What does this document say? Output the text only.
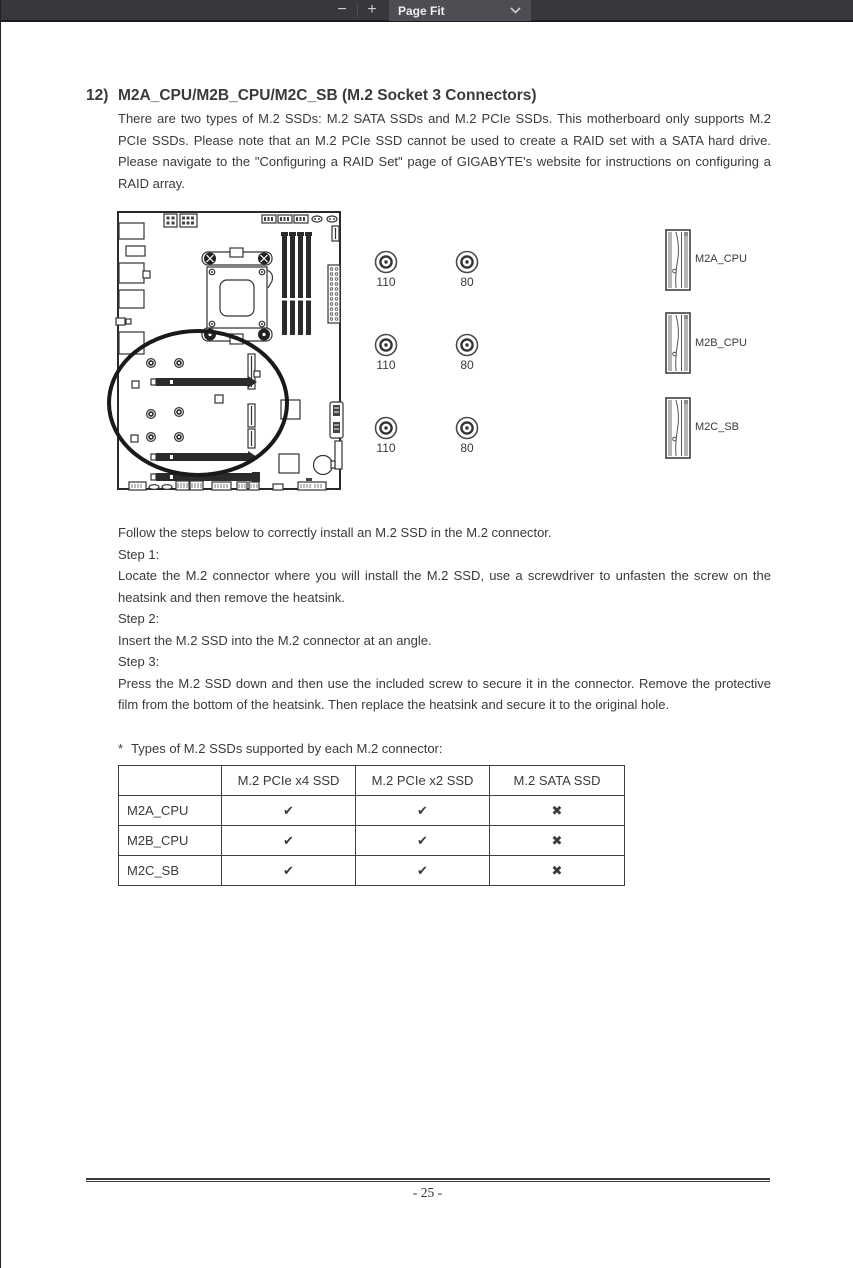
−	+	Page Fit
12) M2A_CPU/M2B_CPU/M2C_SB (M.2 Socket 3 Connectors)
There are two types of M.2 SSDs: M.2 SATA SSDs and M.2 PCIe SSDs. This motherboard only supports M.2 PCIe SSDs. Please note that an M.2 PCIe SSD cannot be used to create a RAID set with a SATA hard drive. Please navigate to the "Configuring a RAID Set" page of GIGABYTE's website for instructions on configuring a RAID array.
110	80
110	80
110	80
M2A_CPU
M2B_CPU
M2C_SB

Follow the steps below to correctly install an M.2 SSD in the M.2 connector.

Step 1:

Locate the M.2 connector where you will install the M.2 SSD, use a screwdriver to unfasten the screw on the heatsink and then remove the heatsink.

Step 2:

Insert the M.2 SSD into the M.2 connector at an angle.

Step 3:

Press the M.2 SSD down and then use the included screw to secure it in the connector. Remove the protective film from the bottom of the heatsink. Then replace the heatsink and secure it to the original hole.

* Types of M.2 SSDs supported by each M.2 connector:
	M.2 PCIe x4 SSD	M.2 PCIe x2 SSD	M.2 SATA SSD
M2A_CPU	✔	✔	✖
M2B_CPU	✔	✔	✖
M2C_SB	✔	✔	✖
- 25 -
